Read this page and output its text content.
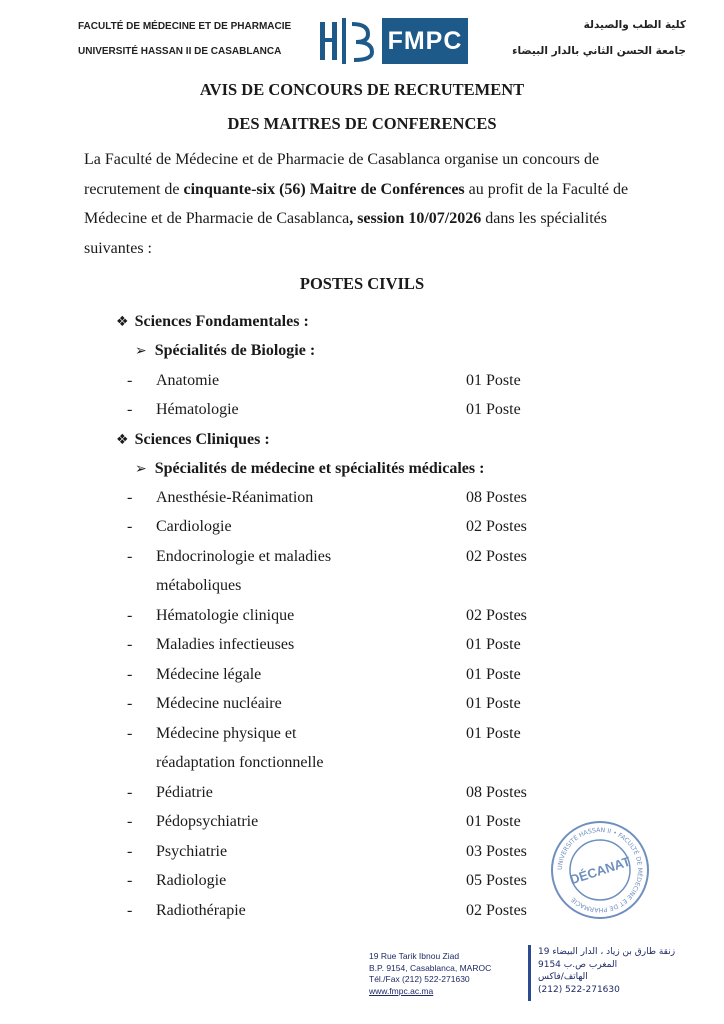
FACULTÉ DE MÉDECINE ET DE PHARMACIE
UNIVERSITÉ HASSAN II DE CASABLANCA	FMPC
كلية الطب والصيدلة
جامعة الحسن الثاني بالدار البيضاء
AVIS DE CONCOURS DE RECRUTEMENT
DES MAITRES DE CONFERENCES
La Faculté de Médecine et de Pharmacie de Casablanca organise un concours de recrutement de cinquante-six (56) Maitre de Conférences au profit de la Faculté de Médecine et de Pharmacie de Casablanca, session 10/07/2026 dans les spécialités suivantes :
POSTES CIVILS
❖ Sciences Fondamentales :
➢ Spécialités de Biologie :
- Anatomie	01 Poste
- Hématologie	01 Poste
❖ Sciences Cliniques :
➢ Spécialités de médecine et spécialités médicales :
- Anesthésie-Réanimation	08 Postes
- Cardiologie	02 Postes
- Endocrinologie et maladies	02 Postes
métaboliques
- Hématologie clinique	02 Postes
- Maladies infectieuses	01 Poste
- Médecine légale	01 Poste
- Médecine nucléaire	01 Poste
- Médecine physique et	01 Poste
réadaptation fonctionnelle
- Pédiatrie	08 Postes
- Pédopsychiatrie	01 Poste
- Psychiatrie	03 Postes
- Radiologie	05 Postes
- Radiothérapie	02 Postes
UNIVERSITÉ HASSAN II • FACULTÉ DE MÉDECINE ET DE PHARMACIE
DÉCANAT
19 Rue Tarik Ibnou Ziad
B.P. 9154, Casablanca, MAROC
Tél./Fax (212) 522-271630
www.fmpc.ac.ma
19 زنقة طارق بن زياد ، الدار البيضاء
المغرب ص.ب 9154
الهاتف/فاكس
(212) 522-271630
